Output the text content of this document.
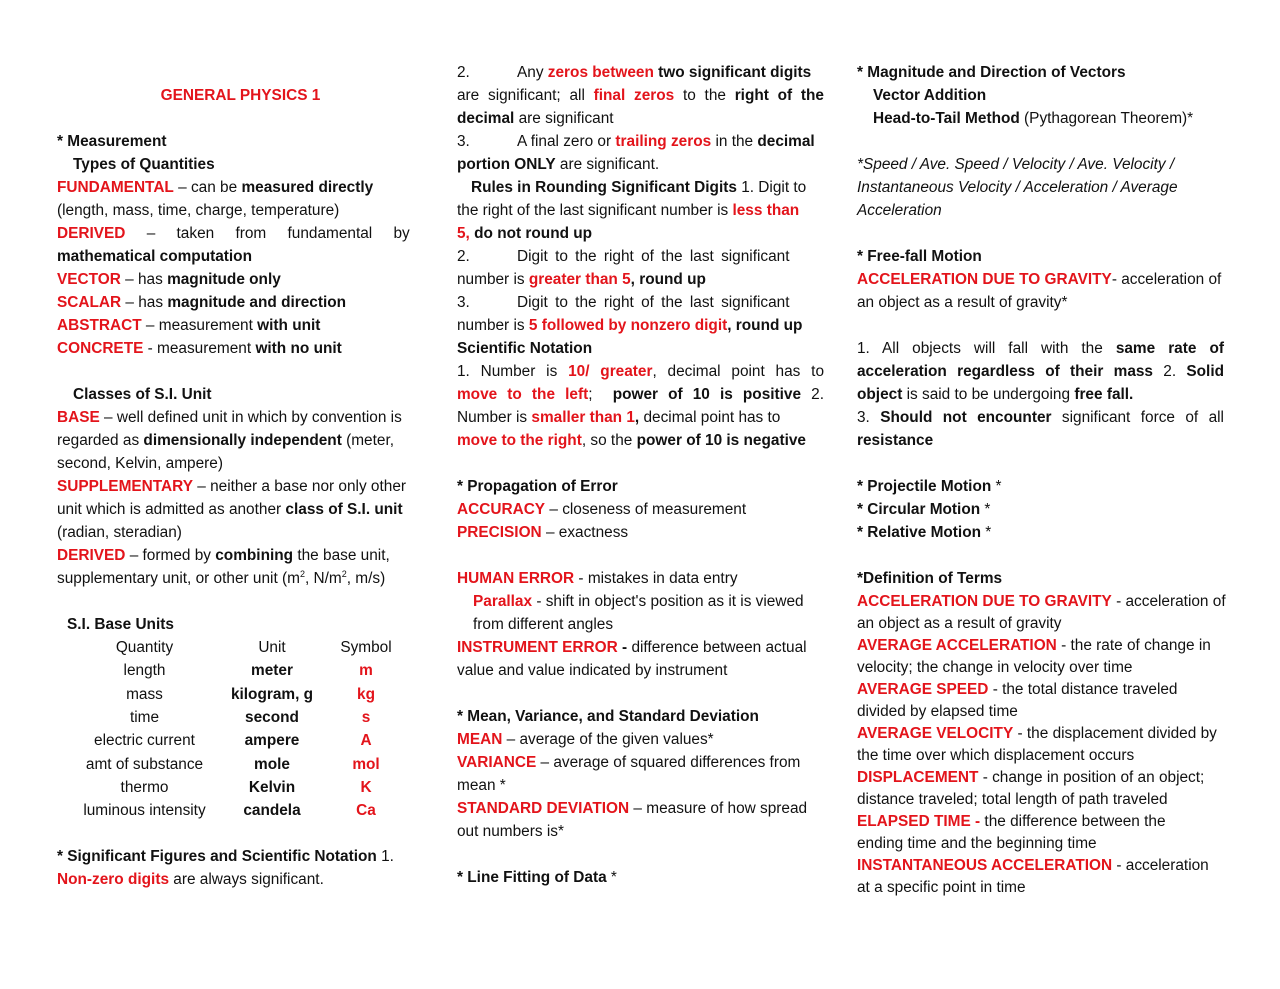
GENERAL PHYSICS 1
* Measurement
Types of Quantities
FUNDAMENTAL – can be measured directly
(length, mass, time, charge, temperature)
DERIVED – taken from fundamental by
mathematical computation
VECTOR – has magnitude only
SCALAR – has magnitude and direction
ABSTRACT – measurement with unit
CONCRETE - measurement with no unit
Classes of S.I. Unit
BASE – well defined unit in which by convention is
regarded as dimensionally independent (meter,
second, Kelvin, ampere)
SUPPLEMENTARY – neither a base nor only other
unit which is admitted as another class of S.I. unit
(radian, steradian)
DERIVED – formed by combining the base unit,
supplementary unit, or other unit ($m^2$, $N/m^2$, m/s)
S.I. Base Units
Quantity	Unit	Symbol
length	meter	m
mass	kilogram, g	kg
time	second	s
electric current	ampere	A
amt of substance	mole	mol
thermo	Kelvin	K
luminous intensity	candela	Ca
* Significant Figures and Scientific Notation 1.
Non-zero digits are always significant.
2.	Any zeros between two significant digits
are significant; all final zeros to the right of the
decimal are significant
3.	A final zero or trailing zeros in the decimal
portion ONLY are significant.
Rules in Rounding Significant Digits 1. Digit to
the right of the last significant number is less than
5, do not round up
2.	Digit to the right of the last significant
number is greater than 5, round up
3.	Digit to the right of the last significant
number is 5 followed by nonzero digit, round up
Scientific Notation
1. Number is 10/ greater, decimal point has to
move to the left;  power of 10 is positive 2.
Number is smaller than 1, decimal point has to
move to the right, so the power of 10 is negative
* Propagation of Error
ACCURACY – closeness of measurement
PRECISION – exactness
HUMAN ERROR - mistakes in data entry
Parallax - shift in object's position as it is viewed
from different angles
INSTRUMENT ERROR - difference between actual
value and value indicated by instrument
* Mean, Variance, and Standard Deviation
MEAN – average of the given values*
VARIANCE – average of squared differences from
mean *
STANDARD DEVIATION – measure of how spread
out numbers is*
* Line Fitting of Data *
* Magnitude and Direction of Vectors
Vector Addition
Head-to-Tail Method (Pythagorean Theorem)*
*Speed / Ave. Speed / Velocity / Ave. Velocity /
Instantaneous Velocity / Acceleration / Average
Acceleration
* Free-fall Motion
ACCELERATION DUE TO GRAVITY- acceleration of
an object as a result of gravity*
1. All objects will fall with the same rate of
acceleration regardless of their mass 2. Solid
object is said to be undergoing free fall.
3. Should not encounter significant force of all
resistance
* Projectile Motion *
* Circular Motion *
* Relative Motion *
*Definition of Terms
ACCELERATION DUE TO GRAVITY - acceleration of
an object as a result of gravity
AVERAGE ACCELERATION - the rate of change in
velocity; the change in velocity over time
AVERAGE SPEED - the total distance traveled
divided by elapsed time
AVERAGE VELOCITY - the displacement divided by
the time over which displacement occurs
DISPLACEMENT - change in position of an object;
distance traveled; total length of path traveled
ELAPSED TIME - the difference between the
ending time and the beginning time
INSTANTANEOUS ACCELERATION - acceleration
at a specific point in time
